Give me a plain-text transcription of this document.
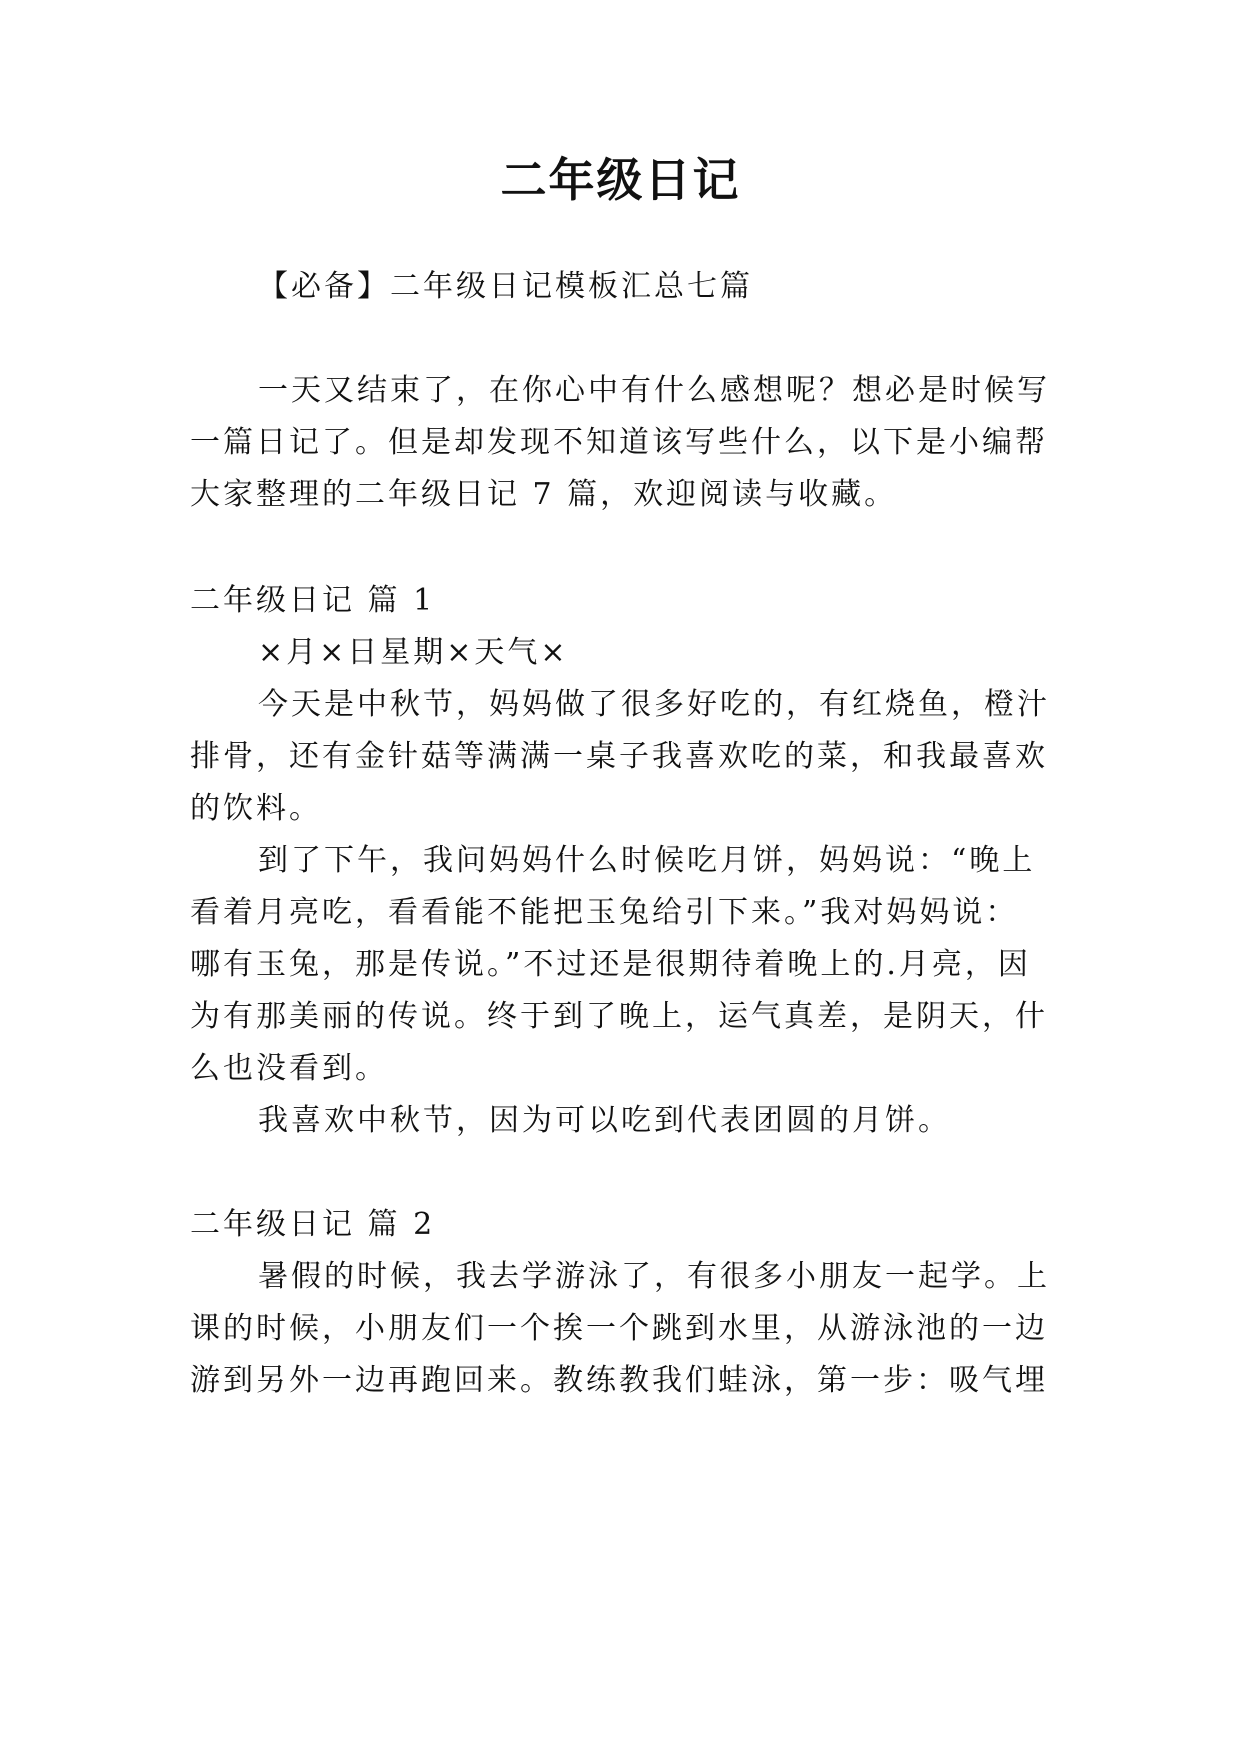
二年级日记

【必备】二年级日记模板汇总七篇

一天又结束了，在你心中有什么感想呢？想必是时候写

一篇日记了。但是却发现不知道该写些什么，以下是小编帮

大家整理的二年级日记 7 篇，欢迎阅读与收藏。

二年级日记 篇 1

×月×日星期×天气×

今天是中秋节，妈妈做了很多好吃的，有红烧鱼，橙汁

排骨，还有金针菇等满满一桌子我喜欢吃的菜，和我最喜欢

的饮料。

到了下午，我问妈妈什么时候吃月饼，妈妈说：“晚上

看着月亮吃，看看能不能把玉兔给引下来。”我对妈妈说：

哪有玉兔，那是传说。”不过还是很期待着晚上的.月亮，因

为有那美丽的传说。终于到了晚上，运气真差，是阴天，什

么也没看到。

我喜欢中秋节，因为可以吃到代表团圆的月饼。

二年级日记 篇 2

暑假的时候，我去学游泳了，有很多小朋友一起学。上

课的时候，小朋友们一个挨一个跳到水里，从游泳池的一边

游到另外一边再跑回来。教练教我们蛙泳，第一步：吸气埋
